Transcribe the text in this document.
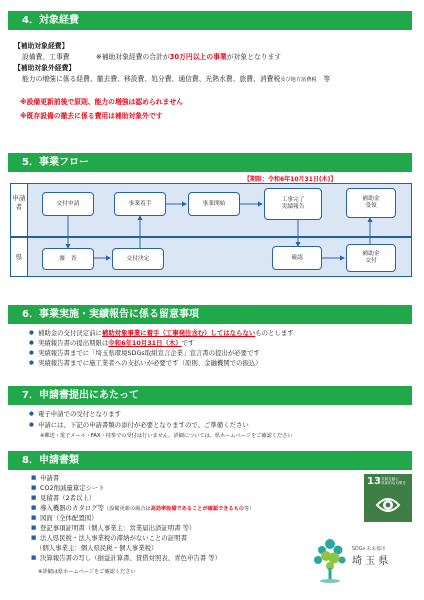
4．対象経費
【補助対象経費】
設備費、工事費	※補助対象経費の合計が30万円以上の事業が対象となります
【補助対象外経費】
能力の増強に係る経費、撤去費、移設費、処分費、通信費、光熱水費、旅費、消費税及び地方消費税　 等
※設備更新前後で原則、能力の増強は認められません
※既存設備の撤去に係る費用は補助対象外です
5．事業フロー
【期限：令和6年10月31日(木)】
申請者
県
交付申請	事業着手	事業開始
工事完了
実績報告
補助金
受領
審　査	交付決定	確認
補助金
交付
6．事業実施・実績報告に係る留意事項
● 補助金の交付決定前に補助対象事業に着手（工事発注含む）してはならないものとします
● 実績報告書の提出期限は令和6年10月31日（木）です
● 実績報告書までに「埼玉県環境SDGs取組宣言企業」宣言書の提出が必要です
● 実績報告書までに施工業者への支払いが必要です（原則、金融機関での振込）
7．申請書提出にあたって
● 電子申請での受付となります
● 申請には、下記の申請書類の添付が必要となりますので、ご準備ください
※郵送・電子メール・FAX・持参での受付は行いません。詳細については、県ホームページをご確認ください
8．申請書類
■ 申請書
■ CO2削減量算定シート
■ 見積書（2者以上）
■ 導入機器のカタログ等（設備更新の場合は高効率設備であることが確認できるもの等）
■ 図面（全体配置図）
■ 登記事項証明書（個人事業主：営業届出済証明書 等）
■ 法人県民税・法人事業税の滞納がないことの証明書
（個人事業主：個人県民税・個人事業税）
■ 決算報告書の写し（損益計算書、貸借対照表、青色申告書 等）
※詳細は県ホームページをご確認ください
13 気候変動に
具体的な対策を
SDGs 未来都市
埼 玉 県
